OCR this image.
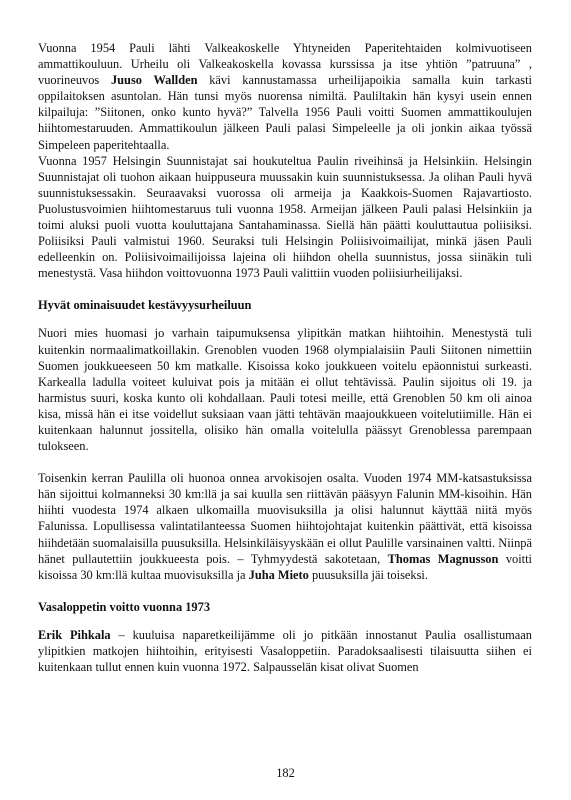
Vuonna 1954 Pauli lähti Valkeakoskelle Yhtyneiden Paperitehtaiden kolmivuotiseen ammattikouluun. Urheilu oli Valkeakoskella kovassa kurssissa ja itse yhtiön ”patruuna” , vuorineuvos Juuso Wallden kävi kannustamassa urheilijapoikia samalla kuin tarkasti oppilaitoksen asuntolan. Hän tunsi myös nuorensa nimiltä. Pauliltakin hän kysyi usein ennen kilpailuja: ”Siitonen, onko kunto hyvä?” Talvella 1956 Pauli voitti Suomen ammattikoulujen hiihtomestaruuden. Ammattikoulun jälkeen Pauli palasi Simpeleelle ja oli jonkin aikaa työssä Simpeleen paperitehtaalla.

Vuonna 1957 Helsingin Suunnistajat sai houkuteltua Paulin riveihinsä ja Helsinkiin. Helsingin Suunnistajat oli tuohon aikaan huippuseura muussakin kuin suunnistuksessa. Ja olihan Pauli hyvä suunnistuksessakin. Seuraavaksi vuorossa oli armeija ja Kaakkois-Suomen Rajavartiosto. Puolustusvoimien hiihtomestaruus tuli vuonna 1958. Armeijan jälkeen Pauli palasi Helsinkiin ja toimi aluksi puoli vuotta kouluttajana Santahaminassa. Siellä hän päätti kouluttautua poliisiksi. Poliisiksi Pauli valmistui 1960. Seuraksi tuli Helsingin Poliisivoimailijat, minkä jäsen Pauli edelleenkin on. Poliisivoimailijoissa lajeina oli hiihdon ohella suunnistus, jossa siinäkin tuli menestystä. Vasa hiihdon voittovuonna 1973 Pauli valittiin vuoden poliisiurheilijaksi.

Hyvät ominaisuudet kestävyysurheiluun

Nuori mies huomasi jo varhain taipumuksensa ylipitkän matkan hiihtoihin. Menestystä tuli kuitenkin normaalimatkoillakin. Grenoblen vuoden 1968 olympialaisiin Pauli Siitonen nimettiin Suomen joukkueeseen 50 km matkalle. Kisoissa koko joukkueen voitelu epäonnistui surkeasti. Karkealla ladulla voiteet kuluivat pois ja mitään ei ollut tehtävissä. Paulin sijoitus oli 19. ja harmistus suuri, koska kunto oli kohdallaan. Pauli totesi meille, että Grenoblen 50 km oli ainoa kisa, missä hän ei itse voidellut suksiaan vaan jätti tehtävän maajoukkueen voitelutiimille. Hän ei kuitenkaan halunnut jossitella, olisiko hän omalla voitelulla päässyt Grenoblessa parempaan tulokseen.

Toisenkin kerran Paulilla oli huonoa onnea arvokisojen osalta. Vuoden 1974 MM-katsastuksissa hän sijoittui kolmanneksi 30 km:llä ja sai kuulla sen riittävän pääsyyn Falunin MM-kisoihin. Hän hiihti vuodesta 1974 alkaen ulkomailla muovisuksilla ja olisi halunnut käyttää niitä myös Falunissa. Lopullisessa valintatilanteessa Suomen hiihtojohtajat kuitenkin päättivät, että kisoissa hiihdetään suomalaisilla puusuksilla. Helsinkiläisyyskään ei ollut Paulille varsinainen valtti. Niinpä hänet pullautettiin joukkueesta pois. – Tyhmyydestä sakotetaan, Thomas Magnusson voitti kisoissa 30 km:llä kultaa muovisuksilla ja Juha Mieto puusuksilla jäi toiseksi.

Vasaloppetin voitto vuonna 1973

Erik Pihkala – kuuluisa naparetkeilijämme oli jo pitkään innostanut Paulia osallistumaan ylipitkien matkojen hiihtoihin, erityisesti Vasaloppetiin. Paradoksaalisesti tilaisuutta siihen ei kuitenkaan tullut ennen kuin vuonna 1972. Salpausselän kisat olivat Suomen

182
